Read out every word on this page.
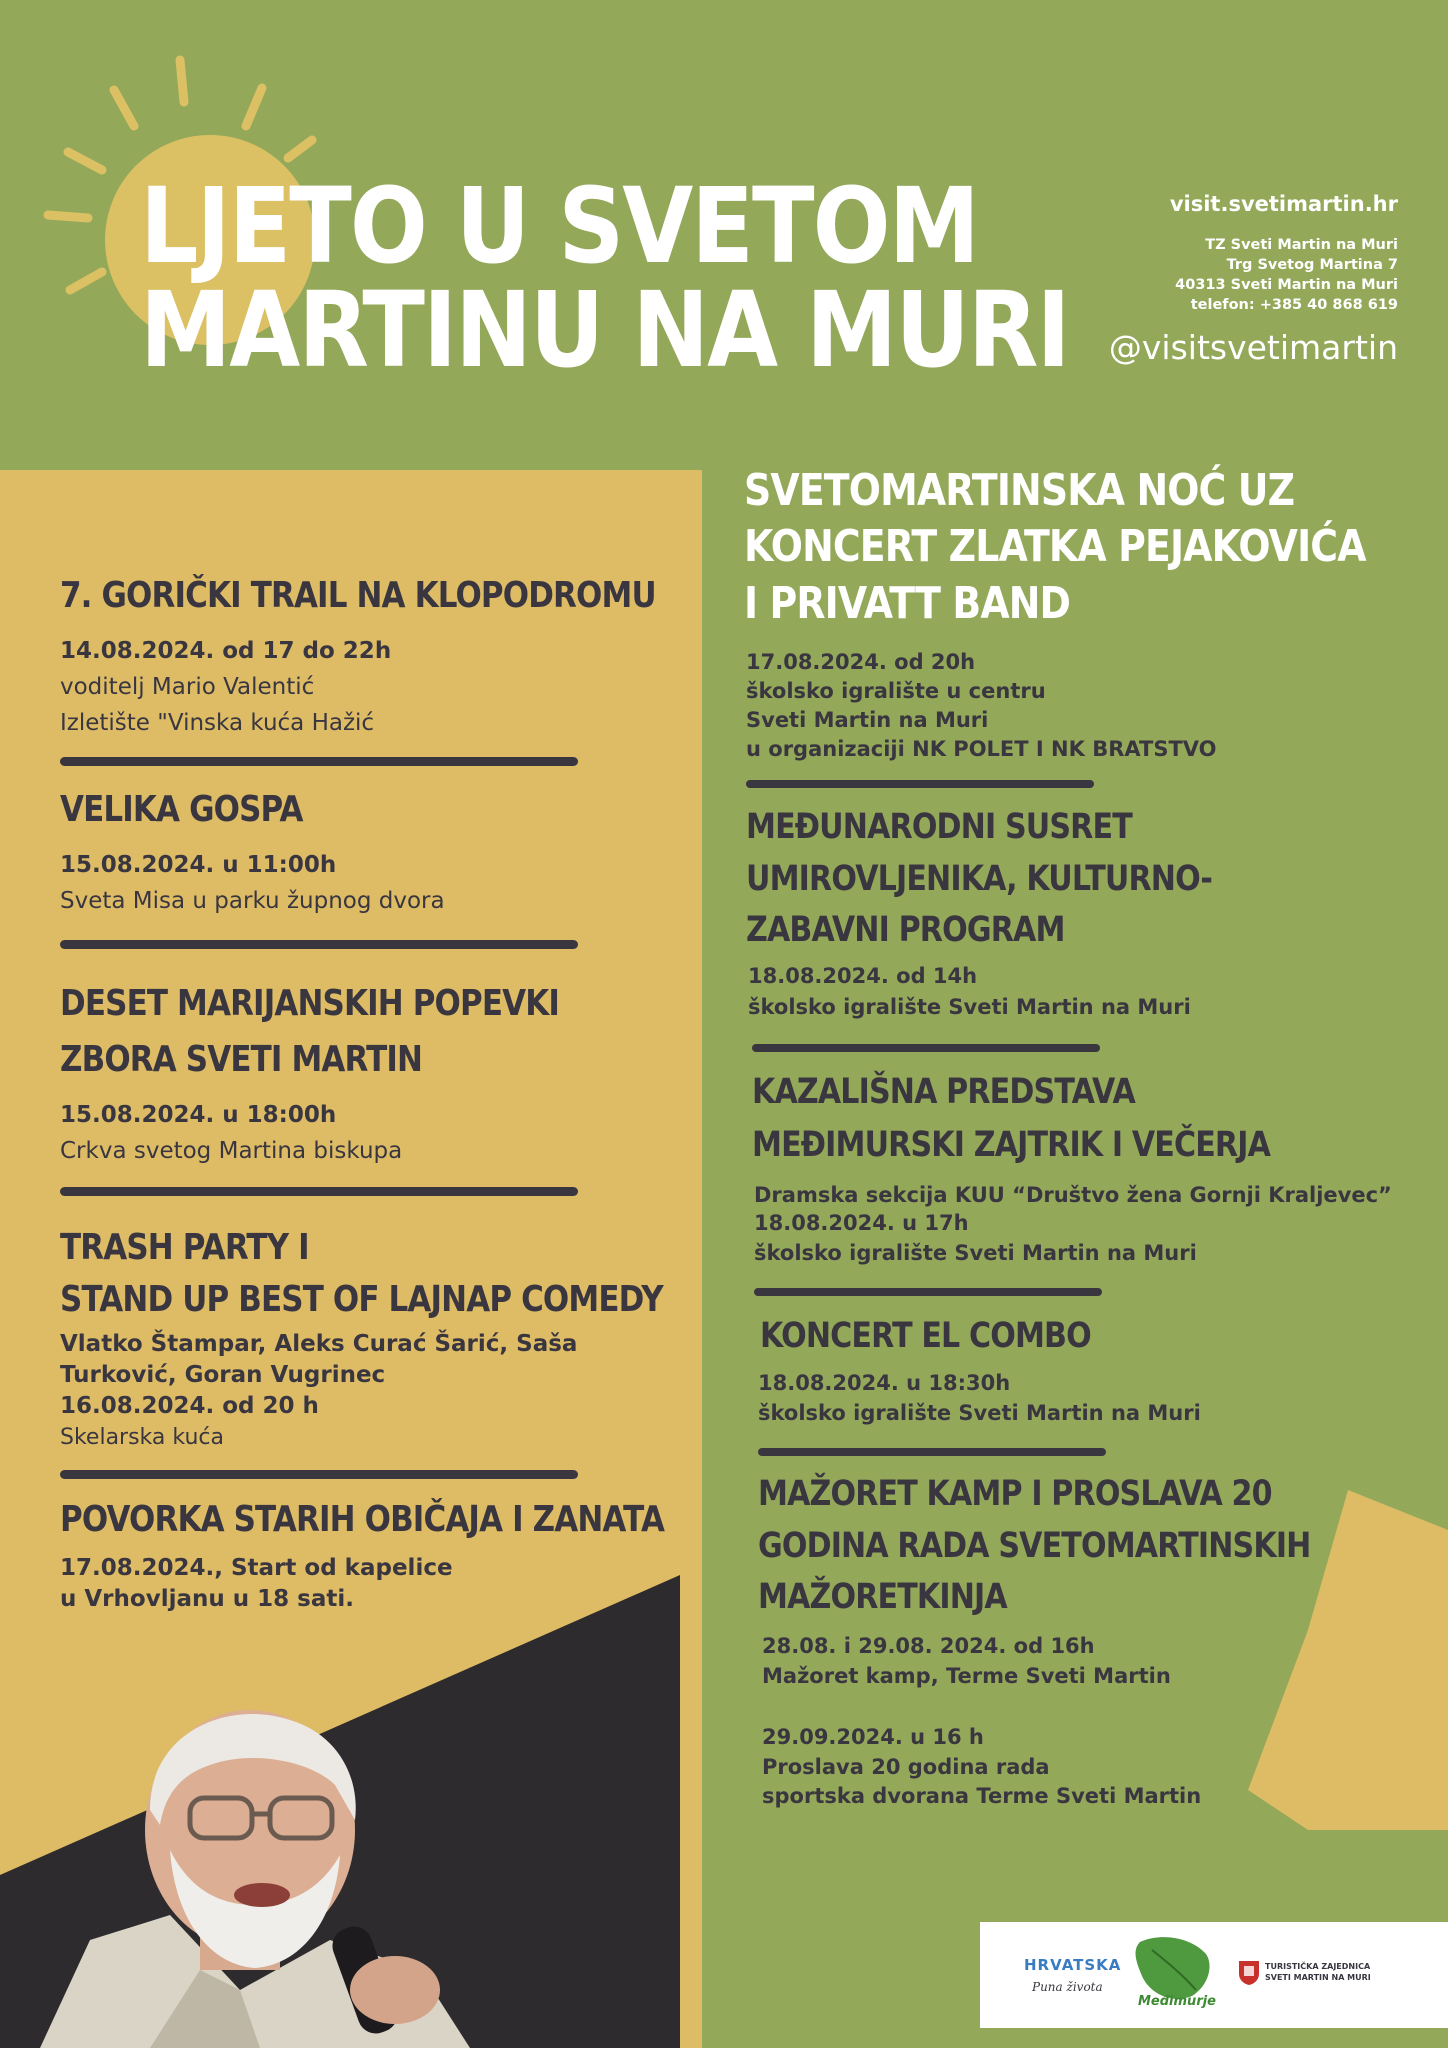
LJETO U SVETOM
MARTINU NA MURI
visit.svetimartin.hr
TZ Sveti Martin na Muri
Trg Svetog Martina 7
40313 Sveti Martin na Muri
telefon: +385 40 868 619
@visitsvetimartin
7. GORIČKI TRAIL NA KLOPODROMU
14.08.2024. od 17 do 22h
voditelj Mario Valentić
Izletište "Vinska kuća Hažić
VELIKA GOSPA
15.08.2024. u 11:00h
Sveta Misa u parku župnog dvora
DESET MARIJANSKIH POPEVKI
ZBORA SVETI MARTIN
15.08.2024. u 18:00h
Crkva svetog Martina biskupa
TRASH PARTY I
STAND UP BEST OF LAJNAP COMEDY
Vlatko Štampar, Aleks Curać Šarić, Saša
Turković, Goran Vugrinec
16.08.2024. od 20 h
Skelarska kuća
POVORKA STARIH OBIČAJA I ZANATA
17.08.2024., Start od kapelice
u Vrhovljanu u 18 sati.
SVETOMARTINSKA NOĆ UZ
KONCERT ZLATKA PEJAKOVIĆA
I PRIVATT BAND
17.08.2024. od 20h
školsko igralište u centru
Sveti Martin na Muri
u organizaciji NK POLET I NK BRATSTVO
MEĐUNARODNI SUSRET
UMIROVLJENIKA, KULTURNO-
ZABAVNI PROGRAM
18.08.2024. od 14h
školsko igralište Sveti Martin na Muri
KAZALIŠNA PREDSTAVA
MEĐIMURSKI ZAJTRIK I VEČERJA
Dramska sekcija KUU “Društvo žena Gornji Kraljevec”
18.08.2024. u 17h
školsko igralište Sveti Martin na Muri
KONCERT EL COMBO
18.08.2024. u 18:30h
školsko igralište Sveti Martin na Muri
MAŽORET KAMP I PROSLAVA 20
GODINA RADA SVETOMARTINSKIH
MAŽORETKINJA
28.08. i 29.08. 2024. od 16h
Mažoret kamp, Terme Sveti Martin
29.09.2024. u 16 h
Proslava 20 godina rada
sportska dvorana Terme Sveti Martin
HRVATSKA
Puna života
Međimurje
TURISTIČKA ZAJEDNICA
SVETI MARTIN NA MURI
